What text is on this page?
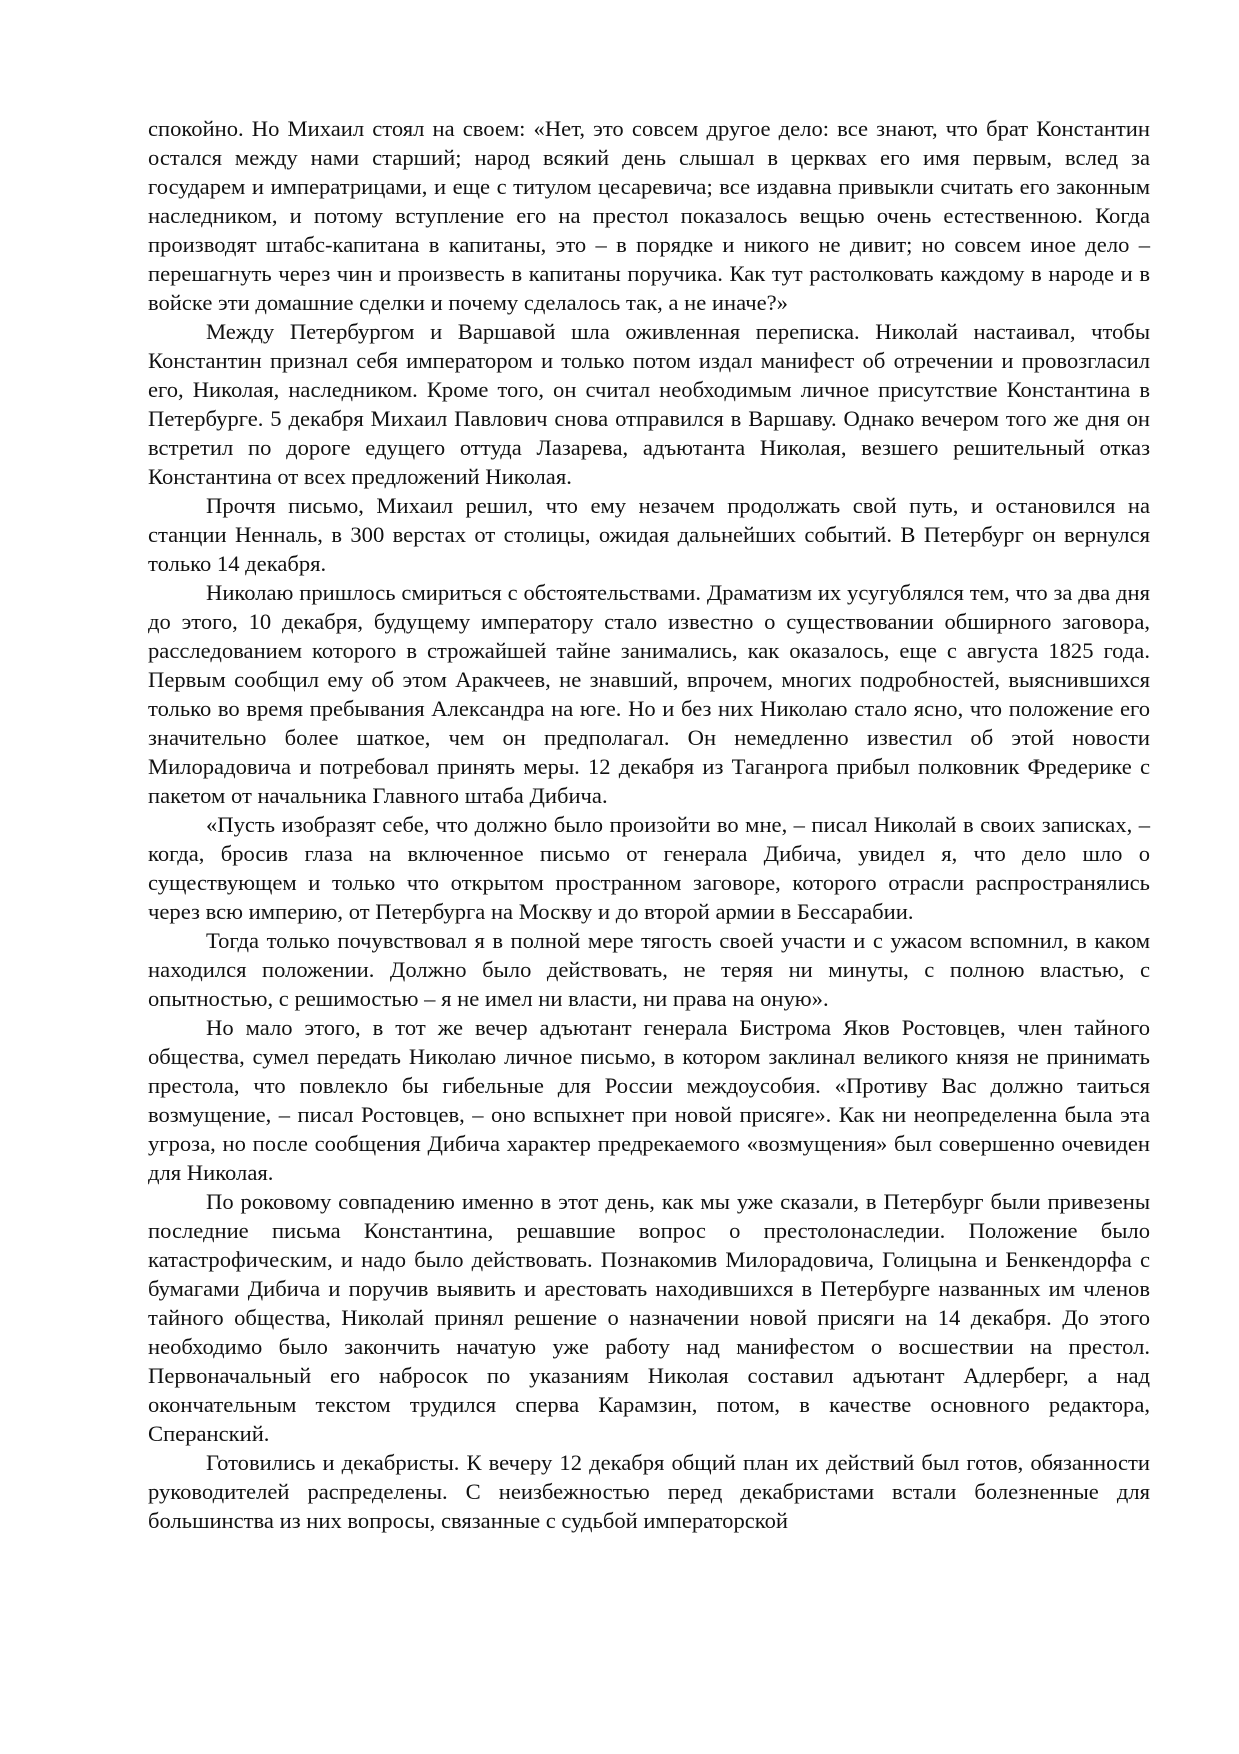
спокойно. Но Михаил стоял на своем: «Нет, это совсем другое дело: все знают, что брат Константин остался между нами старший; народ всякий день слышал в церквах его имя первым, вслед за государем и императрицами, и еще с титулом цесаревича; все издавна привыкли считать его законным наследником, и потому вступление его на престол показалось вещью очень естественною. Когда производят штабс-капитана в капитаны, это – в порядке и никого не дивит; но совсем иное дело – перешагнуть через чин и произвесть в капитаны поручика. Как тут растолковать каждому в народе и в войске эти домашние сделки и почему сделалось так, а не иначе?»

Между Петербургом и Варшавой шла оживленная переписка. Николай настаивал, чтобы Константин признал себя императором и только потом издал манифест об отречении и провозгласил его, Николая, наследником. Кроме того, он считал необходимым личное присутствие Константина в Петербурге. 5 декабря Михаил Павлович снова отправился в Варшаву. Однако вечером того же дня он встретил по дороге едущего оттуда Лазарева, адъютанта Николая, везшего решительный отказ Константина от всех предложений Николая.

Прочтя письмо, Михаил решил, что ему незачем продолжать свой путь, и остановился на станции Ненналь, в 300 верстах от столицы, ожидая дальнейших событий. В Петербург он вернулся только 14 декабря.

Николаю пришлось смириться с обстоятельствами. Драматизм их усугублялся тем, что за два дня до этого, 10 декабря, будущему императору стало известно о существовании обширного заговора, расследованием которого в строжайшей тайне занимались, как оказалось, еще с августа 1825 года. Первым сообщил ему об этом Аракчеев, не знавший, впрочем, многих подробностей, выяснившихся только во время пребывания Александра на юге. Но и без них Николаю стало ясно, что положение его значительно более шаткое, чем он предполагал. Он немедленно известил об этой новости Милорадовича и потребовал принять меры. 12 декабря из Таганрога прибыл полковник Фредерике с пакетом от начальника Главного штаба Дибича.

«Пусть изобразят себе, что должно было произойти во мне, – писал Николай в своих записках, – когда, бросив глаза на включенное письмо от генерала Дибича, увидел я, что дело шло о существующем и только что открытом пространном заговоре, которого отрасли распространялись через всю империю, от Петербурга на Москву и до второй армии в Бессарабии.

Тогда только почувствовал я в полной мере тягость своей участи и с ужасом вспомнил, в каком находился положении. Должно было действовать, не теряя ни минуты, с полною властью, с опытностью, с решимостью – я не имел ни власти, ни права на оную».

Но мало этого, в тот же вечер адъютант генерала Бистрома Яков Ростовцев, член тайного общества, сумел передать Николаю личное письмо, в котором заклинал великого князя не принимать престола, что повлекло бы гибельные для России междоусобия. «Противу Вас должно таиться возмущение, – писал Ростовцев, – оно вспыхнет при новой присяге». Как ни неопределенна была эта угроза, но после сообщения Дибича характер предрекаемого «возмущения» был совершенно очевиден для Николая.

По роковому совпадению именно в этот день, как мы уже сказали, в Петербург были привезены последние письма Константина, решавшие вопрос о престолонаследии. Положение было катастрофическим, и надо было действовать. Познакомив Милорадовича, Голицына и Бенкендорфа с бумагами Дибича и поручив выявить и арестовать находившихся в Петербурге названных им членов тайного общества, Николай принял решение о назначении новой присяги на 14 декабря. До этого необходимо было закончить начатую уже работу над манифестом о восшествии на престол. Первоначальный его набросок по указаниям Николая составил адъютант Адлерберг, а над окончательным текстом трудился сперва Карамзин, потом, в качестве основного редактора, Сперанский.

Готовились и декабристы. К вечеру 12 декабря общий план их действий был готов, обязанности руководителей распределены. С неизбежностью перед декабристами встали болезненные для большинства из них вопросы, связанные с судьбой императорской
